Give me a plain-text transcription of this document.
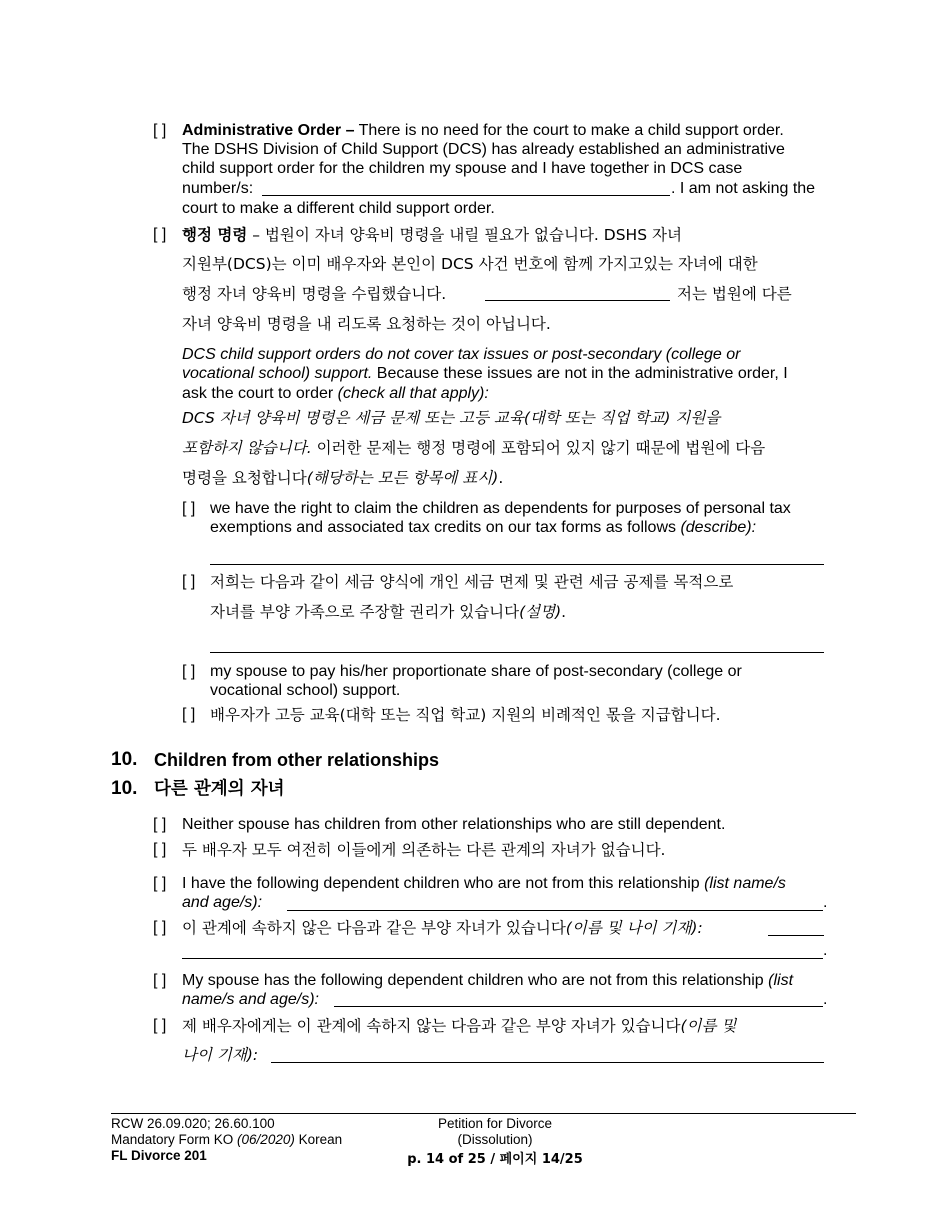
[ ] Administrative Order – There is no need for the court to make a child support order.
The DSHS Division of Child Support (DCS) has already established an administrative
child support order for the children my spouse and I have together in DCS case
number/s:	. I am not asking the
court to make a different child support order.
[ ] 행정 명령 – 법원이 자녀 양육비 명령을 내릴 필요가 없습니다. DSHS 자녀
지원부(DCS)는 이미 배우자와 본인이 DCS 사건 번호에 함께 가지고있는 자녀에 대한
행정 자녀 양육비 명령을 수립했습니다.	저는 법원에 다른
자녀 양육비 명령을 내 리도록 요청하는 것이 아닙니다.
DCS child support orders do not cover tax issues or post-secondary (college or
vocational school) support. Because these issues are not in the administrative order, I
ask the court to order (check all that apply):
DCS 자녀 양육비 명령은 세금 문제 또는 고등 교육(대학 또는 직업 학교) 지원을
포함하지 않습니다. 이러한 문제는 행정 명령에 포함되어 있지 않기 때문에 법원에 다음
명령을 요청합니다(해당하는 모든 항목에 표시).
[ ] we have the right to claim the children as dependents for purposes of personal tax
exemptions and associated tax credits on our tax forms as follows (describe):
[ ] 저희는 다음과 같이 세금 양식에 개인 세금 면제 및 관련 세금 공제를 목적으로
자녀를 부양 가족으로 주장할 권리가 있습니다(설명).
[ ] my spouse to pay his/her proportionate share of post-secondary (college or
vocational school) support.
[ ] 배우자가 고등 교육(대학 또는 직업 학교) 지원의 비례적인 몫을 지급합니다.
10. Children from other relationships
10. 다른 관계의 자녀
[ ] Neither spouse has children from other relationships who are still dependent.
[ ] 두 배우자 모두 여전히 이들에게 의존하는 다른 관계의 자녀가 없습니다.
[ ] I have the following dependent children who are not from this relationship (list name/s
and age/s):	.
[ ] 이 관계에 속하지 않은 다음과 같은 부양 자녀가 있습니다(이름 및 나이 기재):
.
[ ] My spouse has the following dependent children who are not from this relationship (list
name/s and age/s):	.
[ ] 제 배우자에게는 이 관계에 속하지 않는 다음과 같은 부양 자녀가 있습니다(이름 및
나이 기재):
RCW 26.09.020; 26.60.100
Mandatory Form KO (06/2020) Korean
FL Divorce 201
Petition for Divorce
(Dissolution)
p. 14 of 25 / 페이지 14/25
